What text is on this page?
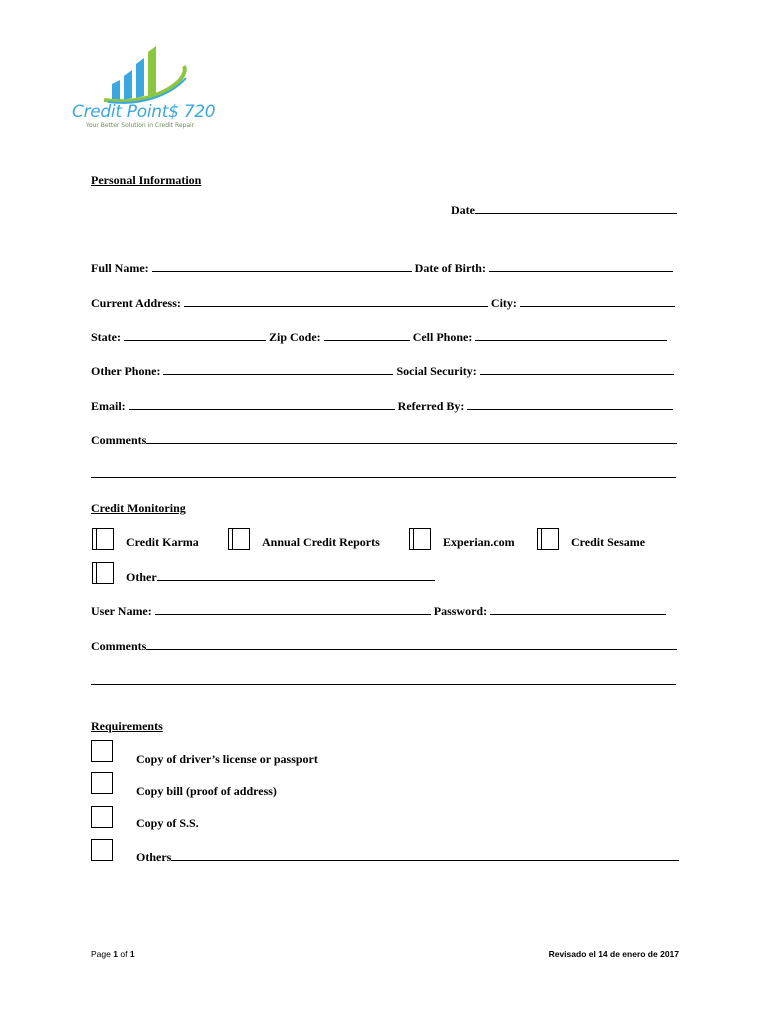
Credit Point$ 720
Your Better Solution in Credit Repair
Personal Information
Date
Full Name:	Date of Birth:
Current Address:	City:
State:	Zip Code:	Cell Phone:
Other Phone:	Social Security:
Email:	Referred By:
Comments
Credit Monitoring
Credit Karma	Annual Credit Reports	Experian.com	Credit Sesame
Other
User Name:	Password:
Comments
Requirements
Copy of driver’s license or passport
Copy bill (proof of address)
Copy of S.S.
Others
Page 1 of 1	Revisado el 14 de enero de 2017
